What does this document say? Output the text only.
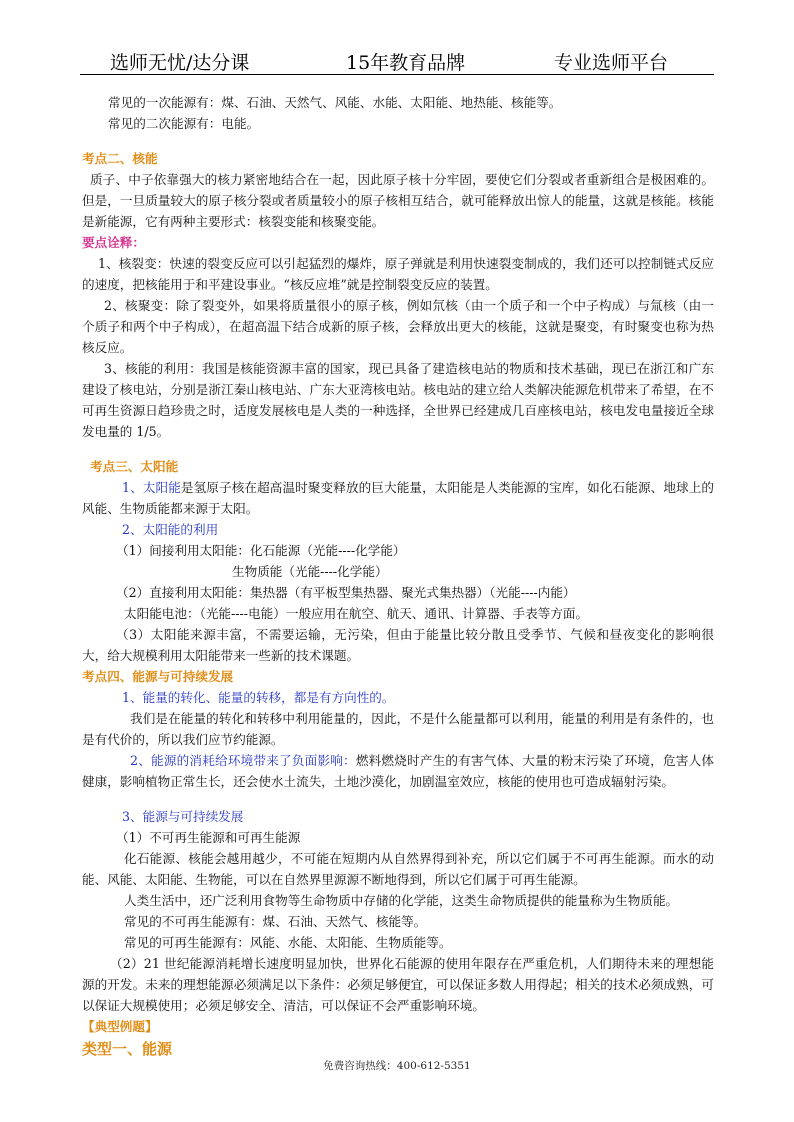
选师无忧/达分课	15年教育品牌	专业选师平台

常见的一次能源有：煤、石油、天然气、风能、水能、太阳能、地热能、核能等。

常见的二次能源有：电能。

考点二、核能

质子、中子依靠强大的核力紧密地结合在一起，因此原子核十分牢固，要使它们分裂或者重新组合是极困难的。但是，一旦质量较大的原子核分裂或者质量较小的原子核相互结合，就可能释放出惊人的能量，这就是核能。核能是新能源，它有两种主要形式：核裂变能和核聚变能。

要点诠释：

1、核裂变：快速的裂变反应可以引起猛烈的爆炸，原子弹就是利用快速裂变制成的，我们还可以控制链式反应的速度，把核能用于和平建设事业。“核反应堆”就是控制裂变反应的装置。

2、核聚变：除了裂变外，如果将质量很小的原子核，例如氘核（由一个质子和一个中子构成）与氚核（由一个质子和两个中子构成），在超高温下结合成新的原子核，会释放出更大的核能，这就是聚变，有时聚变也称为热核反应。

3、核能的利用：我国是核能资源丰富的国家，现已具备了建造核电站的物质和技术基础，现已在浙江和广东建设了核电站，分别是浙江秦山核电站、广东大亚湾核电站。核电站的建立给人类解决能源危机带来了希望，在不可再生资源日趋珍贵之时，适度发展核电是人类的一种选择，全世界已经建成几百座核电站，核电发电量接近全球发电量的 1/5。

考点三、太阳能

1、太阳能是氢原子核在超高温时聚变释放的巨大能量，太阳能是人类能源的宝库，如化石能源、地球上的风能、生物质能都来源于太阳。

2、太阳能的利用

（1）间接利用太阳能：化石能源（光能----化学能）

生物质能（光能----化学能）

（2）直接利用太阳能：集热器（有平板型集热器、聚光式集热器）（光能----内能）

太阳能电池：（光能----电能）一般应用在航空、航天、通讯、计算器、手表等方面。

（3）太阳能来源丰富，不需要运输，无污染，但由于能量比较分散且受季节、气候和昼夜变化的影响很大，给大规模利用太阳能带来一些新的技术课题。

考点四、能源与可持续发展

1、能量的转化、能量的转移，都是有方向性的。

我们是在能量的转化和转移中利用能量的，因此，不是什么能量都可以利用，能量的利用是有条件的，也是有代价的，所以我们应节约能源。

2、能源的消耗给环境带来了负面影响：燃料燃烧时产生的有害气体、大量的粉末污染了环境，危害人体健康，影响植物正常生长，还会使水土流失，土地沙漠化，加剧温室效应，核能的使用也可造成辐射污染。

3、能源与可持续发展

（1）不可再生能源和可再生能源

化石能源、核能会越用越少，不可能在短期内从自然界得到补充，所以它们属于不可再生能源。而水的动能、风能、太阳能、生物能，可以在自然界里源源不断地得到，所以它们属于可再生能源。

人类生活中，还广泛利用食物等生命物质中存储的化学能，这类生命物质提供的能量称为生物质能。

常见的不可再生能源有：煤、石油、天然气、核能等。

常见的可再生能源有：风能、水能、太阳能、生物质能等。

（2）21 世纪能源消耗增长速度明显加快，世界化石能源的使用年限存在严重危机，人们期待未来的理想能源的开发。未来的理想能源必须满足以下条件：必须足够便宜，可以保证多数人用得起；相关的技术必须成熟，可以保证大规模使用；必须足够安全、清洁，可以保证不会严重影响环境。

【典型例题】

类型一、能源

免费咨询热线：400-612-5351
